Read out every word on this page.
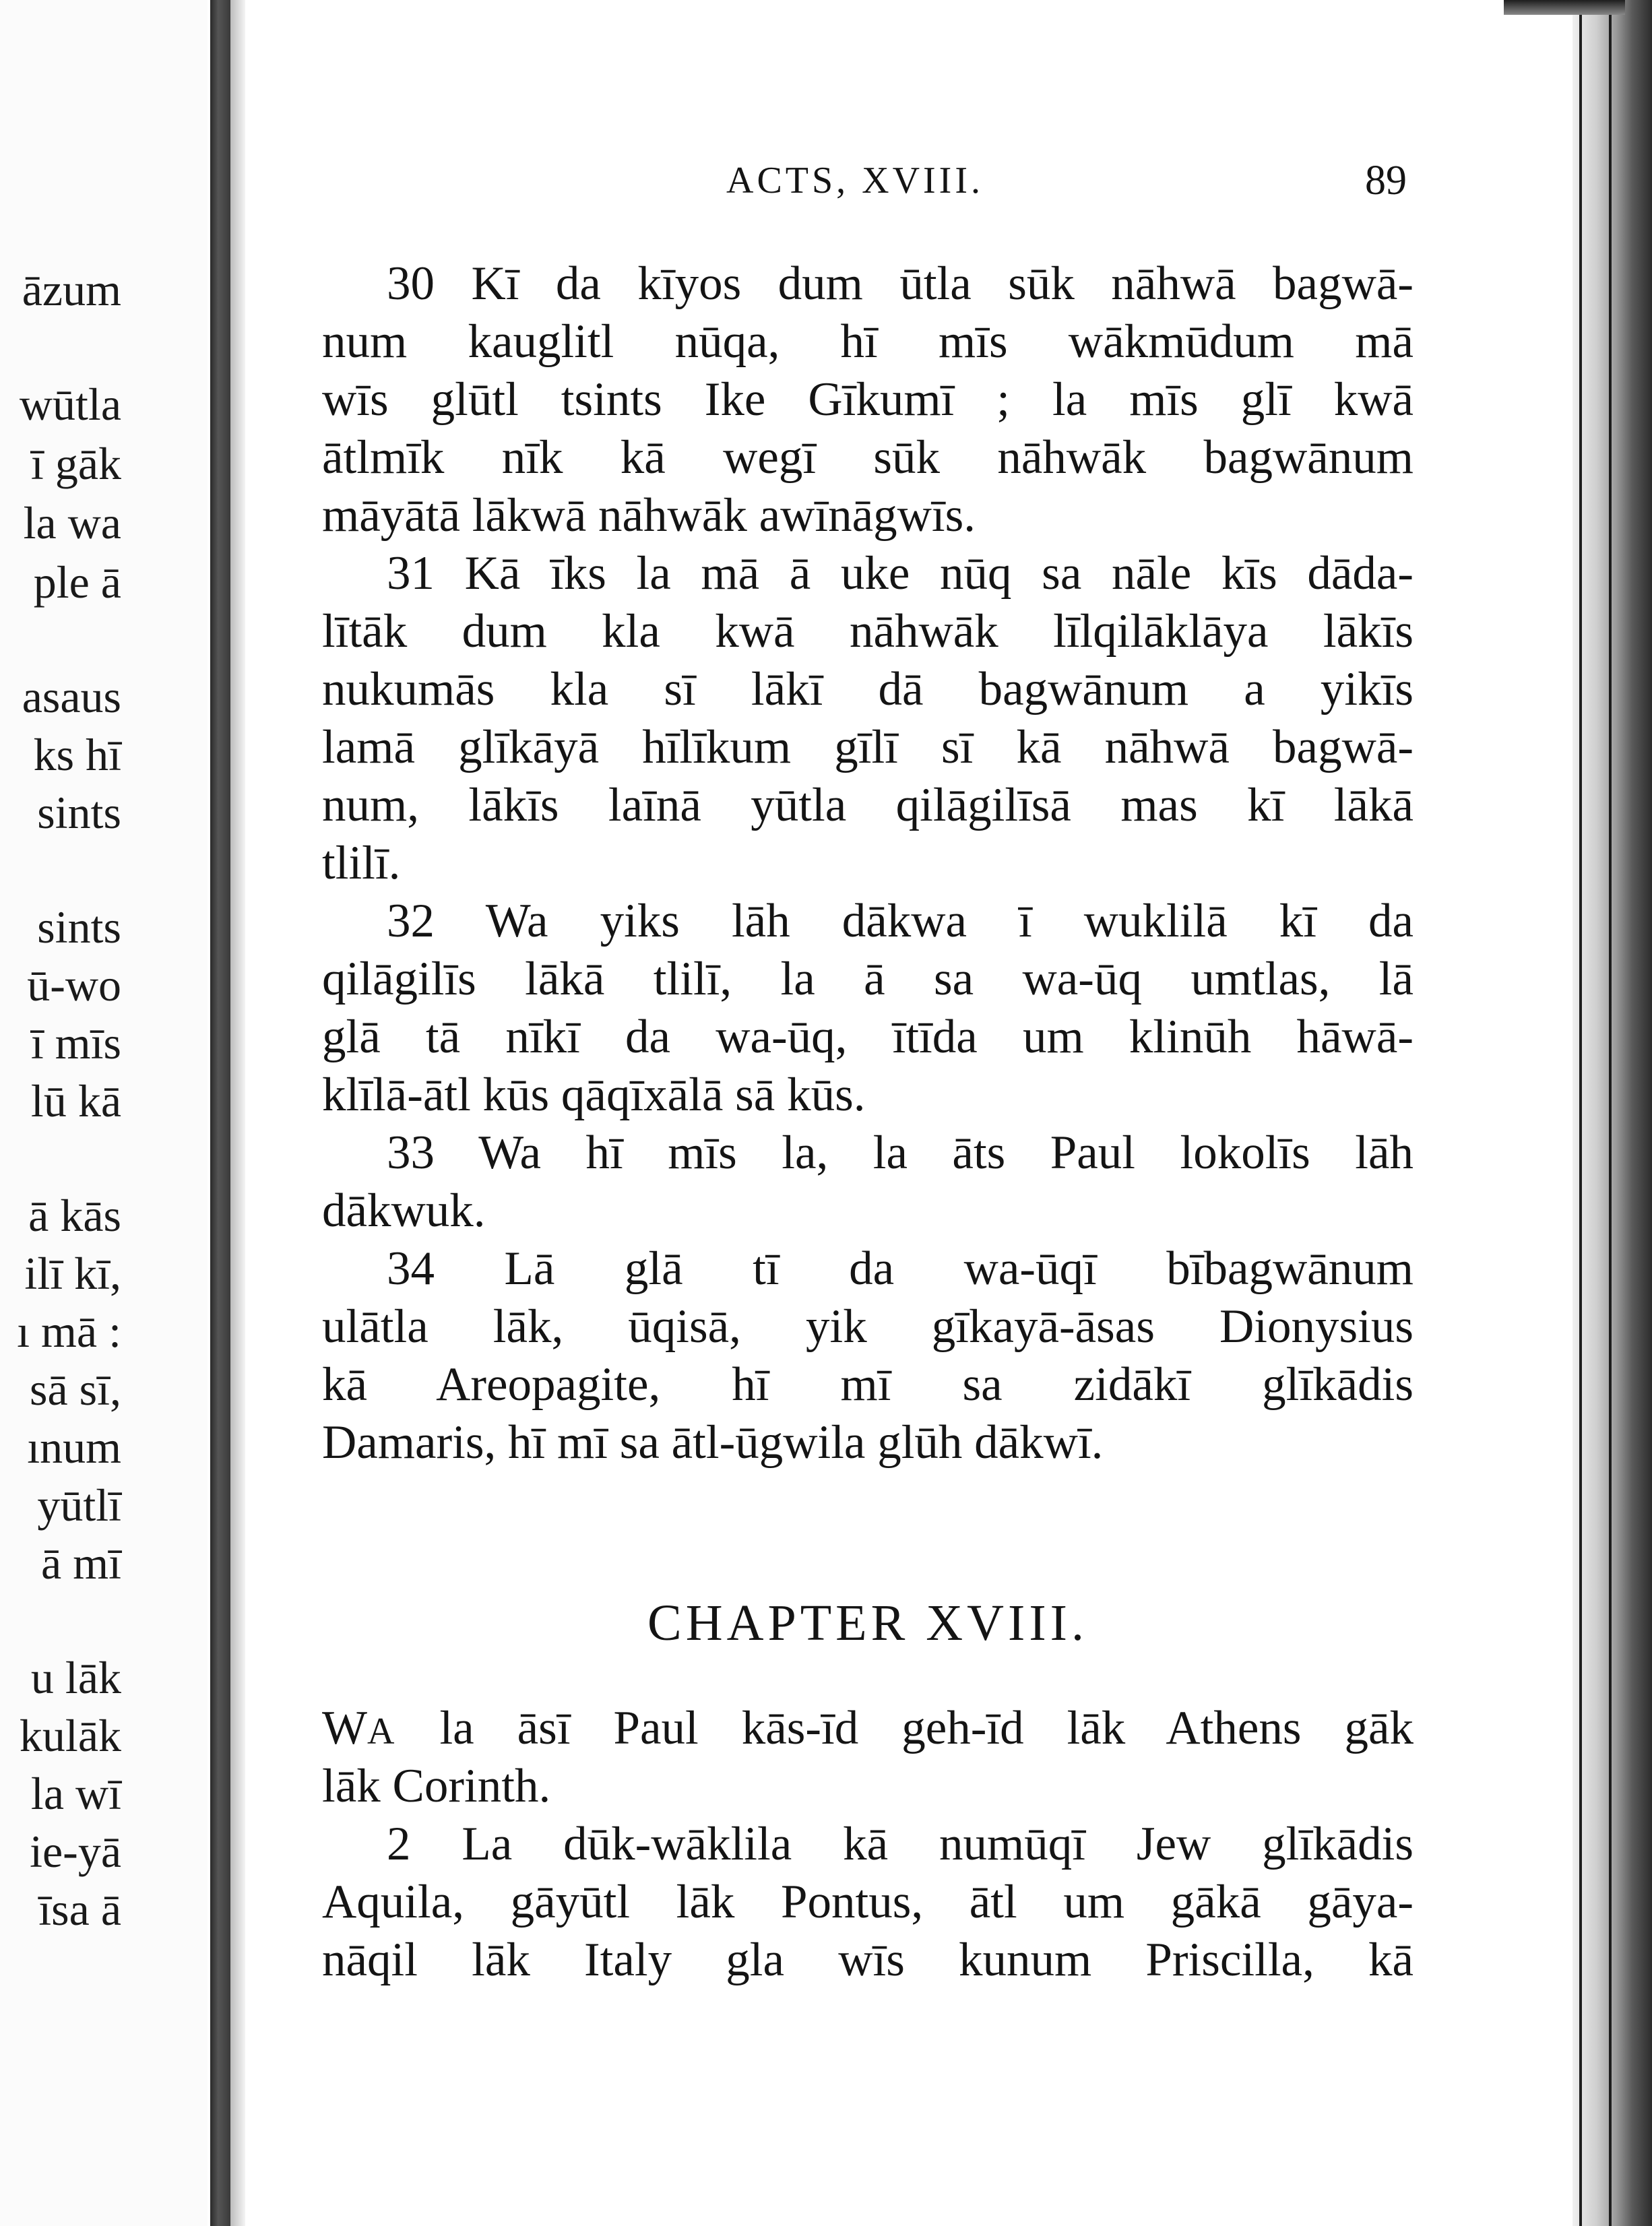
āzum
wūtla
ī gāk
la wa
ple ā
asaus
ks hī
sints
sints
ū-wo
ī mīs
lū kā
ā kās
ilī kī,
ı mā :
sā sī,
ınum
yūtlī
ā mī
u lāk
kulāk
la wī
ie-yā
īsa ā
ACTS, XVIII.	89
30 Kī da kīyos dum ūtla sūk nāhwā bagwā-
num kauglitl nūqa, hī mīs wākmūdum mā
wīs glūtl tsints Ike Gīkumī ; la mīs glī kwā
ātlmīk nīk kā wegī sūk nāhwāk bagwānum
māyātā lākwā nāhwāk awīnāgwīs.
31 Kā īks la mā ā uke nūq sa nāle kīs dāda-
lītāk dum kla kwā nāhwāk līlqilāklāya lākīs
nukumās kla sī lākī dā bagwānum a yikīs
lamā glīkāyā hīlīkum gīlī sī kā nāhwā bagwā-
num, lākīs laīnā yūtla qilāgilīsā mas kī lākā
tlilī.
32 Wa yiks lāh dākwa ī wuklilā kī da
qilāgilīs lākā tlilī, la ā sa wa-ūq umtlas, lā
glā tā nīkī da wa-ūq, ītīda um klinūh hāwā-
klīlā-ātl kūs qāqīxālā sā kūs.
33 Wa hī mīs la, la āts Paul lokolīs lāh
dākwuk.
34 Lā glā tī da wa-ūqī bībagwānum
ulātla lāk, ūqisā, yik gīkayā-āsas Dionysius
kā Areopagite, hī mī sa zidākī glīkādis
Damaris, hī mī sa ātl-ūgwila glūh dākwī.
CHAPTER XVIII.
WA la āsī Paul kās-īd geh-īd lāk Athens gāk
lāk Corinth.
2 La dūk-wāklila kā numūqī Jew glīkādis
Aquila, gāyūtl lāk Pontus, ātl um gākā gāya-
nāqil lāk Italy gla wīs kunum Priscilla, kā
